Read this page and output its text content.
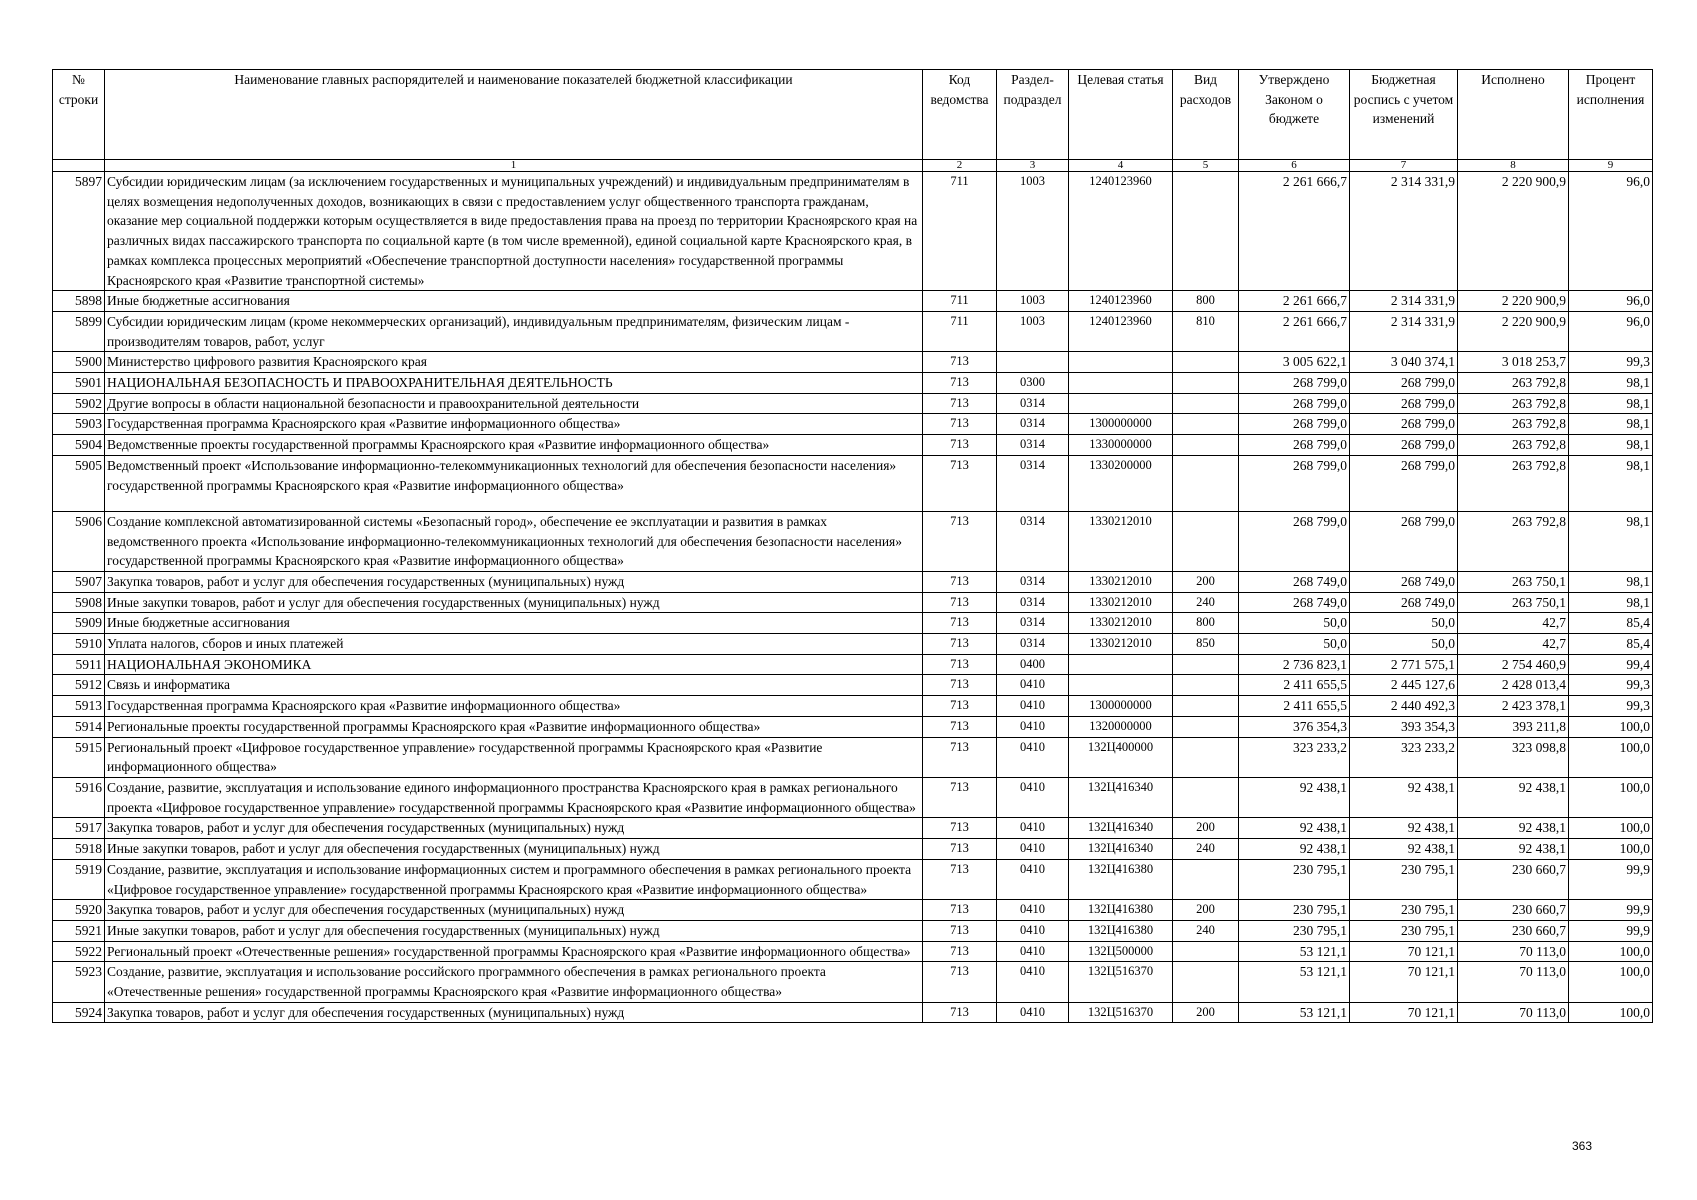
№ строки	Наименование главных распорядителей и наименование показателей бюджетной классификации	Код ведомства	Раздел-подраздел	Целевая статья	Вид расходов	Утверждено Законом о бюджете	Бюджетная роспись с учетом изменений	Исполнено	Процент исполнения
	1	2	3	4	5	6	7	8	9
5897	Субсидии юридическим лицам (за исключением государственных и муниципальных учреждений) и индивидуальным предпринимателям в целях возмещения недополученных доходов, возникающих в связи с предоставлением услуг общественного транспорта гражданам, оказание мер социальной поддержки которым осуществляется в виде предоставления права на проезд по территории Красноярского края на различных видах пассажирского транспорта по социальной карте (в том числе временной), единой социальной карте Красноярского края, в рамках комплекса процессных мероприятий «Обеспечение транспортной доступности населения» государственной программы Красноярского края «Развитие транспортной системы»	711	1003	1240123960		2 261 666,7	2 314 331,9	2 220 900,9	96,0
5898	Иные бюджетные ассигнования	711	1003	1240123960	800	2 261 666,7	2 314 331,9	2 220 900,9	96,0
5899	Субсидии юридическим лицам (кроме некоммерческих организаций), индивидуальным предпринимателям, физическим лицам - производителям товаров, работ, услуг	711	1003	1240123960	810	2 261 666,7	2 314 331,9	2 220 900,9	96,0
5900	Министерство цифрового развития Красноярского края	713				3 005 622,1	3 040 374,1	3 018 253,7	99,3
5901	НАЦИОНАЛЬНАЯ БЕЗОПАСНОСТЬ И ПРАВООХРАНИТЕЛЬНАЯ ДЕЯТЕЛЬНОСТЬ	713	0300			268 799,0	268 799,0	263 792,8	98,1
5902	Другие вопросы в области национальной безопасности и правоохранительной деятельности	713	0314			268 799,0	268 799,0	263 792,8	98,1
5903	Государственная программа Красноярского края «Развитие информационного общества»	713	0314	1300000000		268 799,0	268 799,0	263 792,8	98,1
5904	Ведомственные проекты государственной программы Красноярского края «Развитие информационного общества»	713	0314	1330000000		268 799,0	268 799,0	263 792,8	98,1
5905	Ведомственный проект «Использование информационно-телекоммуникационных технологий для обеспечения безопасности населения» государственной программы Красноярского края «Развитие информационного общества»	713	0314	1330200000		268 799,0	268 799,0	263 792,8	98,1
5906	Создание комплексной автоматизированной системы «Безопасный город», обеспечение ее эксплуатации и развития в рамках ведомственного проекта «Использование информационно-телекоммуникационных технологий для обеспечения безопасности населения» государственной программы Красноярского края «Развитие информационного общества»	713	0314	1330212010		268 799,0	268 799,0	263 792,8	98,1
5907	Закупка товаров, работ и услуг для обеспечения государственных (муниципальных) нужд	713	0314	1330212010	200	268 749,0	268 749,0	263 750,1	98,1
5908	Иные закупки товаров, работ и услуг для обеспечения государственных (муниципальных) нужд	713	0314	1330212010	240	268 749,0	268 749,0	263 750,1	98,1
5909	Иные бюджетные ассигнования	713	0314	1330212010	800	50,0	50,0	42,7	85,4
5910	Уплата налогов, сборов и иных платежей	713	0314	1330212010	850	50,0	50,0	42,7	85,4
5911	НАЦИОНАЛЬНАЯ ЭКОНОМИКА	713	0400			2 736 823,1	2 771 575,1	2 754 460,9	99,4
5912	Связь и информатика	713	0410			2 411 655,5	2 445 127,6	2 428 013,4	99,3
5913	Государственная программа Красноярского края «Развитие информационного общества»	713	0410	1300000000		2 411 655,5	2 440 492,3	2 423 378,1	99,3
5914	Региональные проекты государственной программы Красноярского края «Развитие информационного общества»	713	0410	1320000000		376 354,3	393 354,3	393 211,8	100,0
5915	Региональный проект «Цифровое государственное управление» государственной программы Красноярского края «Развитие информационного общества»	713	0410	132Ц400000		323 233,2	323 233,2	323 098,8	100,0
5916	Создание, развитие, эксплуатация и использование единого информационного пространства Красноярского края в рамках регионального проекта «Цифровое государственное управление» государственной программы Красноярского края «Развитие информационного общества»	713	0410	132Ц416340		92 438,1	92 438,1	92 438,1	100,0
5917	Закупка товаров, работ и услуг для обеспечения государственных (муниципальных) нужд	713	0410	132Ц416340	200	92 438,1	92 438,1	92 438,1	100,0
5918	Иные закупки товаров, работ и услуг для обеспечения государственных (муниципальных) нужд	713	0410	132Ц416340	240	92 438,1	92 438,1	92 438,1	100,0
5919	Создание, развитие, эксплуатация и использование информационных систем и программного обеспечения в рамках регионального проекта «Цифровое государственное управление» государственной программы Красноярского края «Развитие информационного общества»	713	0410	132Ц416380		230 795,1	230 795,1	230 660,7	99,9
5920	Закупка товаров, работ и услуг для обеспечения государственных (муниципальных) нужд	713	0410	132Ц416380	200	230 795,1	230 795,1	230 660,7	99,9
5921	Иные закупки товаров, работ и услуг для обеспечения государственных (муниципальных) нужд	713	0410	132Ц416380	240	230 795,1	230 795,1	230 660,7	99,9
5922	Региональный проект «Отечественные решения» государственной программы Красноярского края «Развитие информационного общества»	713	0410	132Ц500000		53 121,1	70 121,1	70 113,0	100,0
5923	Создание, развитие, эксплуатация и использование российского программного обеспечения в рамках регионального проекта «Отечественные решения» государственной программы Красноярского края «Развитие информационного общества»	713	0410	132Ц516370		53 121,1	70 121,1	70 113,0	100,0
5924	Закупка товаров, работ и услуг для обеспечения государственных (муниципальных) нужд	713	0410	132Ц516370	200	53 121,1	70 121,1	70 113,0	100,0
363
